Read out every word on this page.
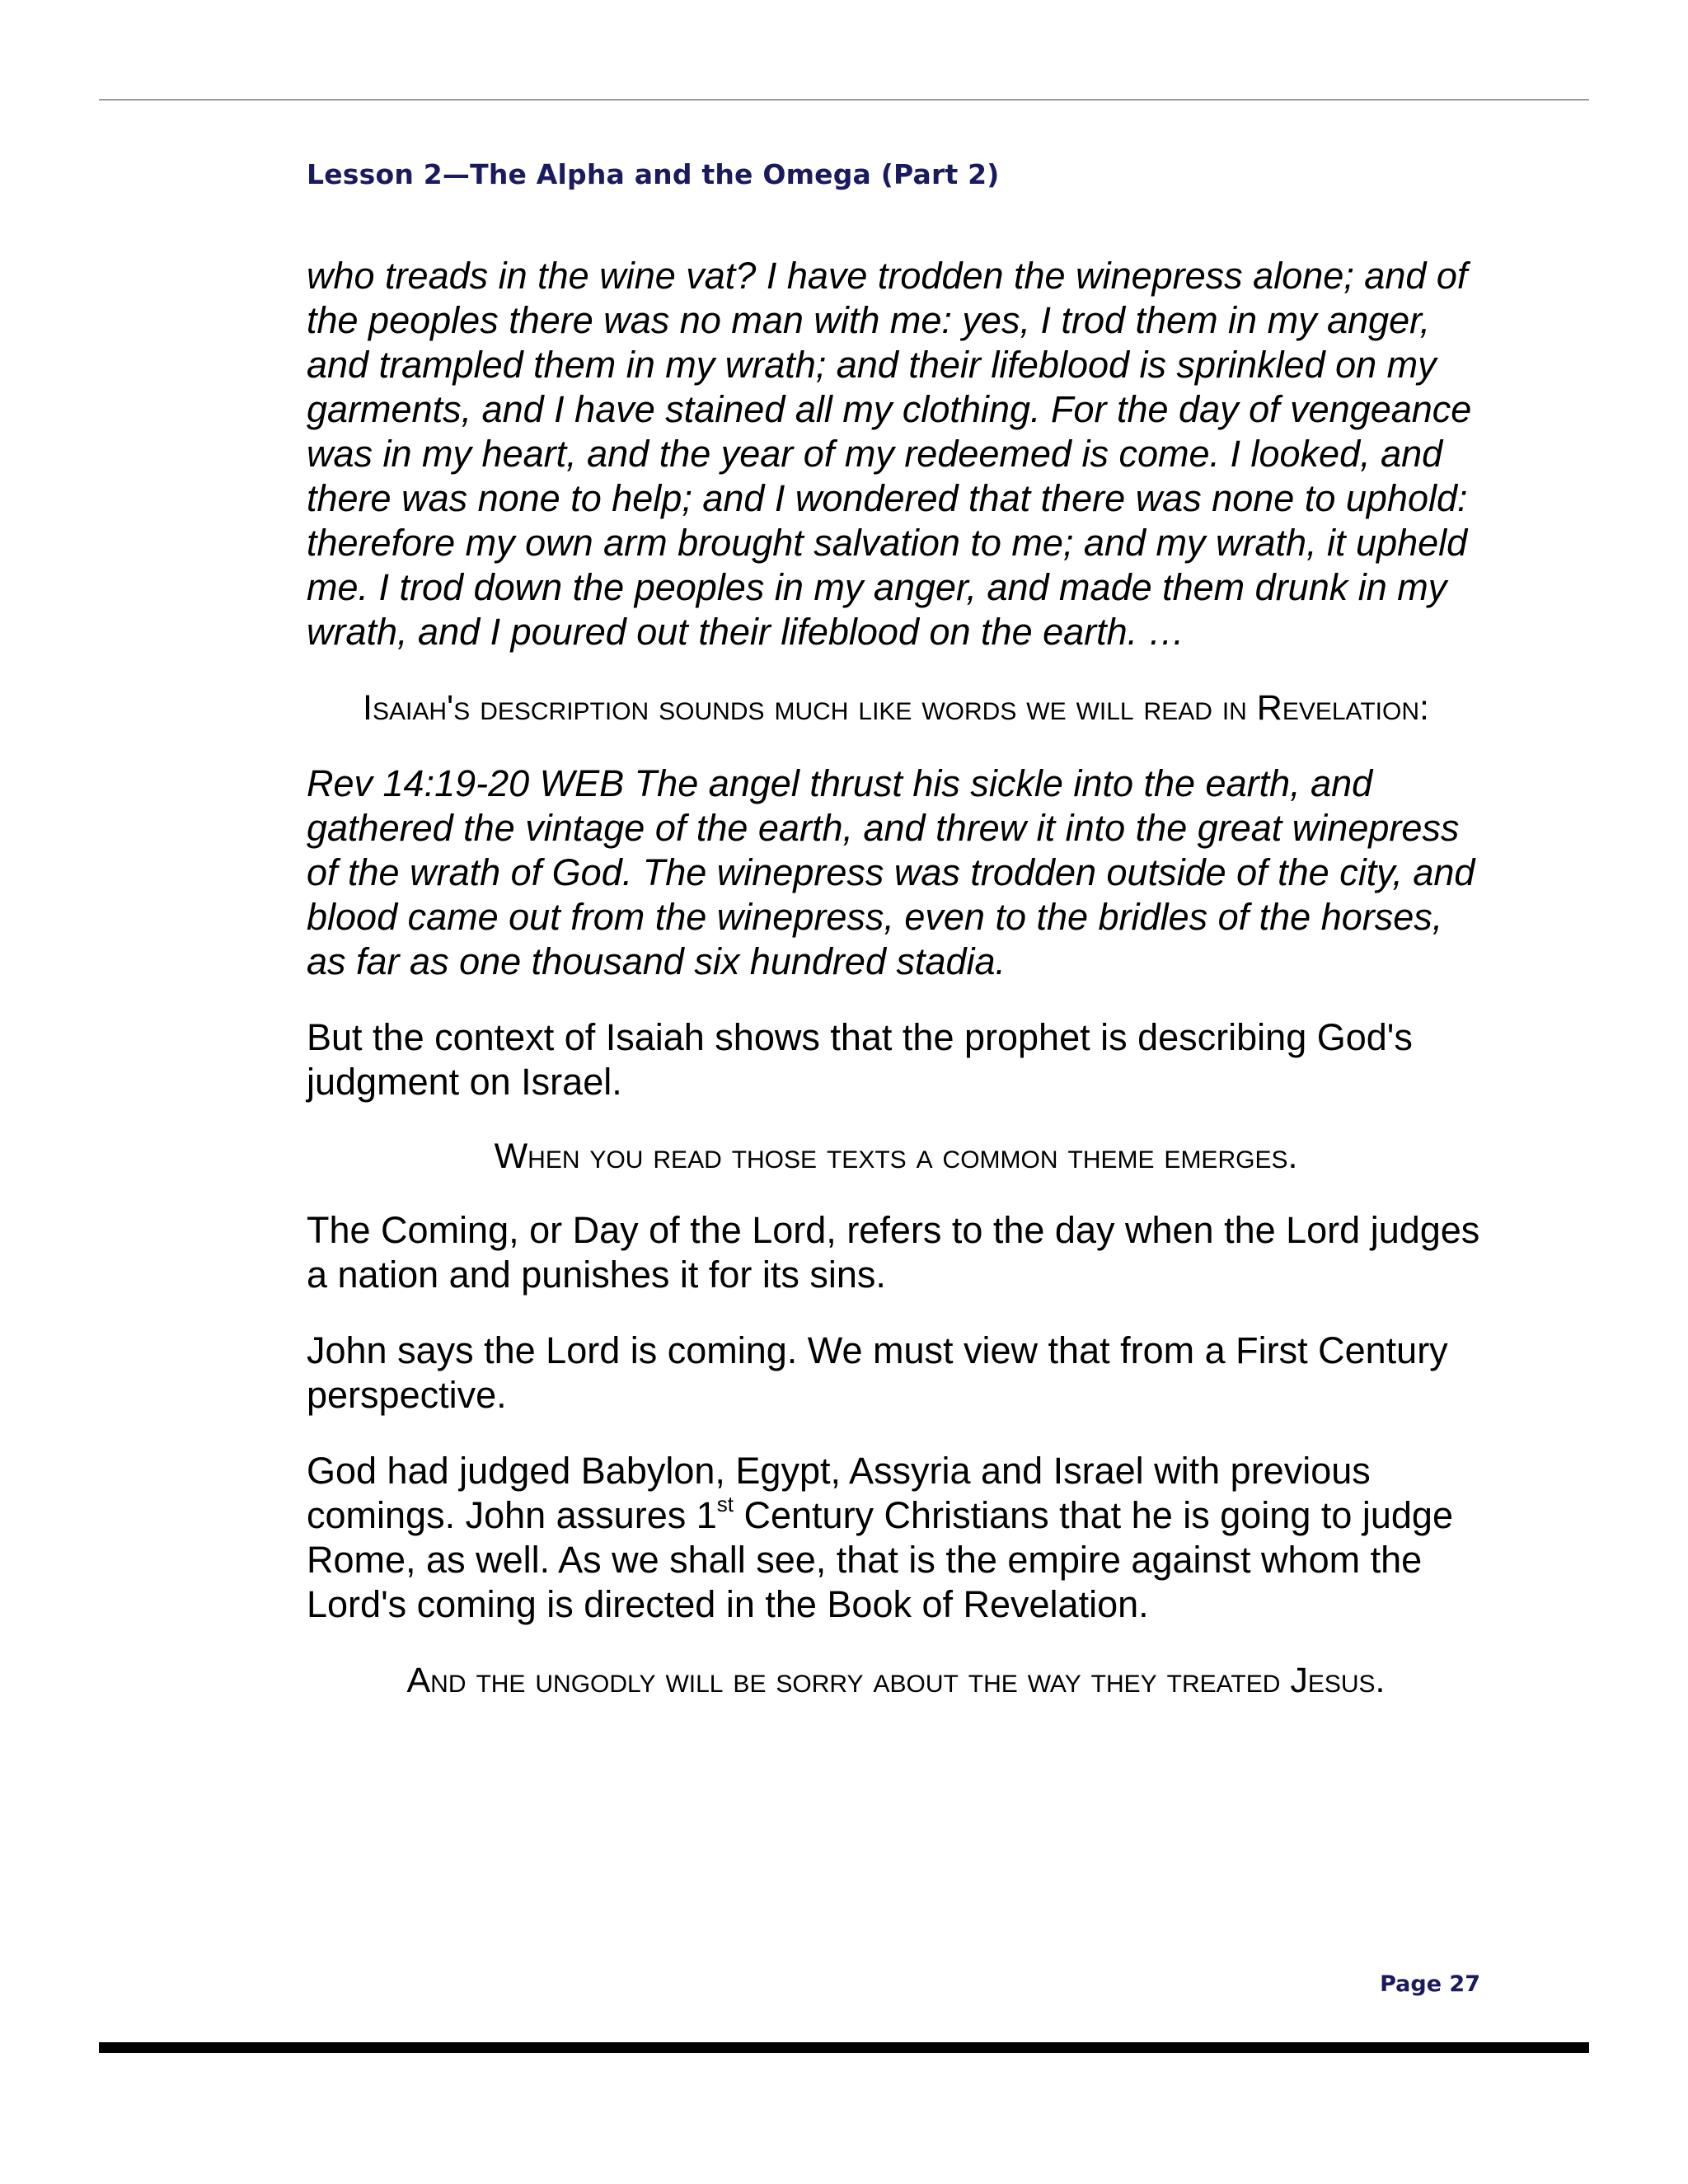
Lesson 2—The Alpha and the Omega (Part 2)

who treads in the wine vat? I have trodden the winepress alone; and of the peoples there was no man with me: yes, I trod them in my anger, and trampled them in my wrath; and their lifeblood is sprinkled on my garments, and I have stained all my clothing. For the day of vengeance was in my heart, and the year of my redeemed is come. I looked, and there was none to help; and I wondered that there was none to uphold: therefore my own arm brought salvation to me; and my wrath, it upheld me. I trod down the peoples in my anger, and made them drunk in my wrath, and I poured out their lifeblood on the earth. …

Isaiah's description sounds much like words we will read in Revelation:

Rev 14:19-20 WEB The angel thrust his sickle into the earth, and gathered the vintage of the earth, and threw it into the great winepress of the wrath of God. The winepress was trodden outside of the city, and blood came out from the winepress, even to the bridles of the horses, as far as one thousand six hundred stadia.

But the context of Isaiah shows that the prophet is describing God's judgment on Israel.

When you read those texts a common theme emerges.

The Coming, or Day of the Lord, refers to the day when the Lord judges a nation and punishes it for its sins.

John says the Lord is coming. We must view that from a First Century perspective.

God had judged Babylon, Egypt, Assyria and Israel with previous comings. John assures 1st Century Christians that he is going to judge Rome, as well. As we shall see, that is the empire against whom the Lord's coming is directed in the Book of Revelation.

And the ungodly will be sorry about the way they treated Jesus.

Page 27
